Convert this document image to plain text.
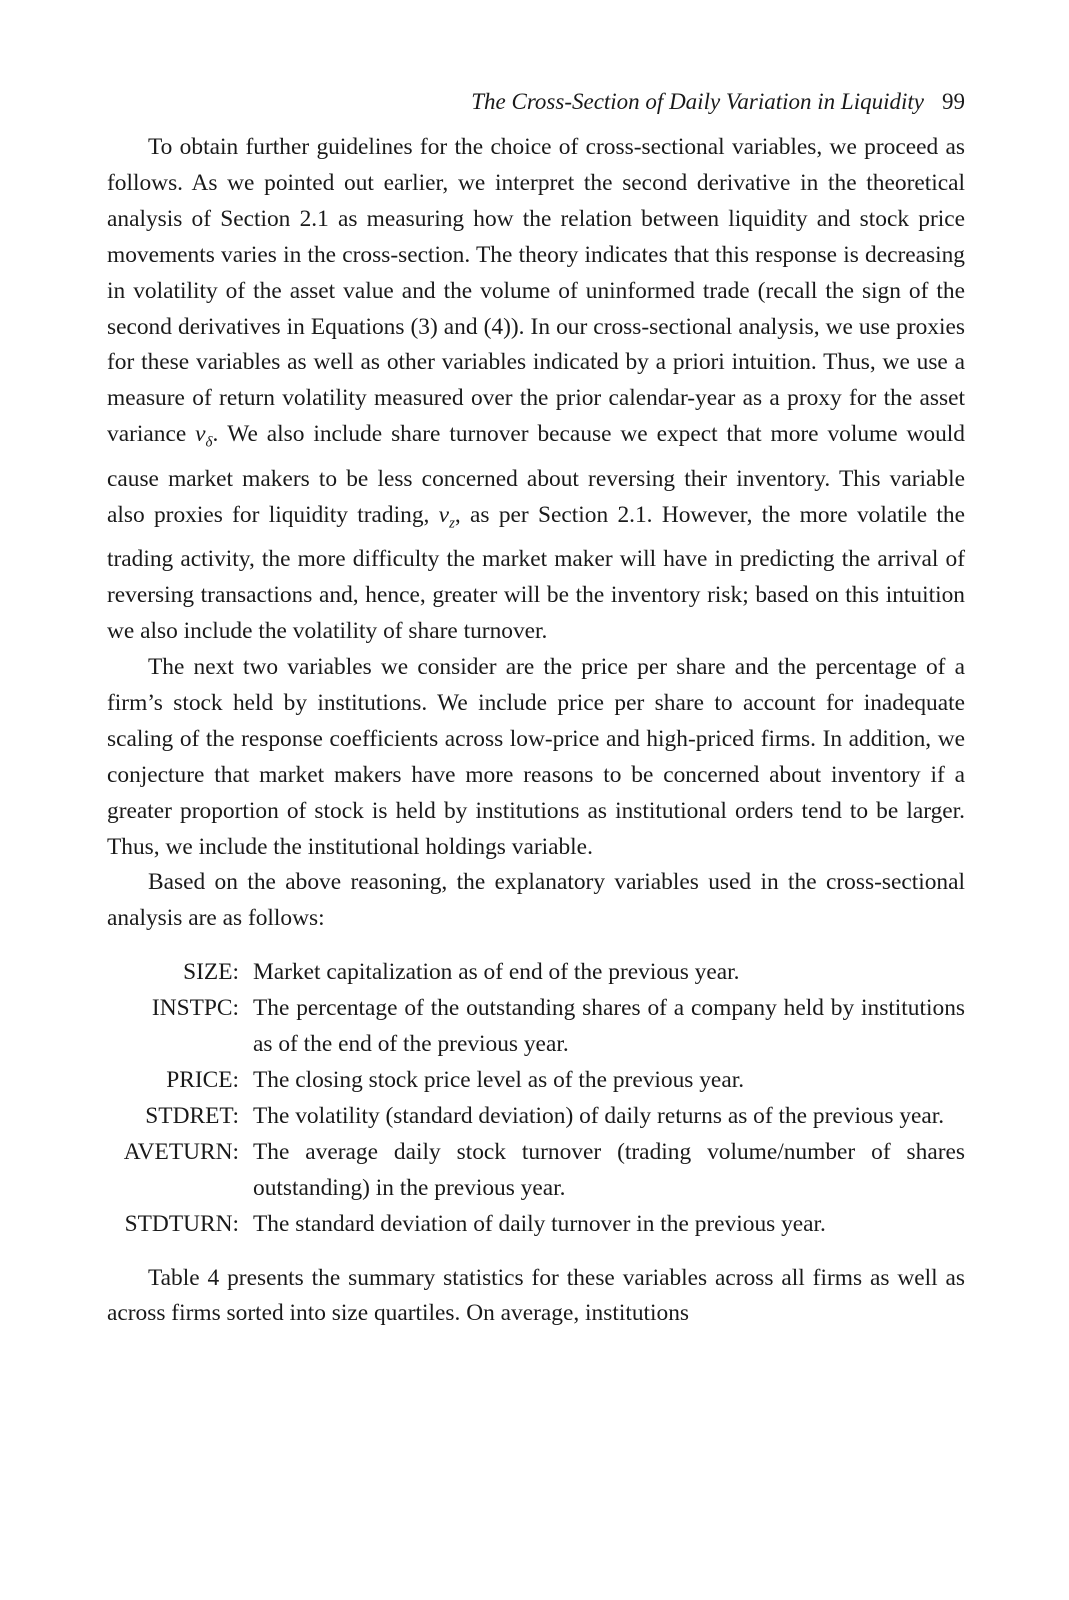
The Cross-Section of Daily Variation in Liquidity 99

To obtain further guidelines for the choice of cross-sectional variables, we proceed as follows. As we pointed out earlier, we interpret the second derivative in the theoretical analysis of Section 2.1 as measuring how the relation between liquidity and stock price movements varies in the cross-section. The theory indicates that this response is decreasing in volatility of the asset value and the volume of uninformed trade (recall the sign of the second derivatives in Equations (3) and (4)). In our cross-sectional analysis, we use proxies for these variables as well as other variables indicated by a priori intuition. Thus, we use a measure of return volatility measured over the prior calendar-year as a proxy for the asset variance $v_\delta$. We also include share turnover because we expect that more volume would cause market makers to be less concerned about reversing their inventory. This variable also proxies for liquidity trading, $v_z$, as per Section 2.1. However, the more volatile the trading activity, the more difficulty the market maker will have in predicting the arrival of reversing transactions and, hence, greater will be the inventory risk; based on this intuition we also include the volatility of share turnover.

The next two variables we consider are the price per share and the percentage of a firm’s stock held by institutions. We include price per share to account for inadequate scaling of the response coefficients across low-price and high-priced firms. In addition, we conjecture that market makers have more reasons to be concerned about inventory if a greater proportion of stock is held by institutions as institutional orders tend to be larger. Thus, we include the institutional holdings variable.

Based on the above reasoning, the explanatory variables used in the cross-sectional analysis are as follows:

SIZE: Market capitalization as of end of the previous year.
INSTPC: The percentage of the outstanding shares of a company held by institutions as of the end of the previous year.
PRICE: The closing stock price level as of the previous year.
STDRET: The volatility (standard deviation) of daily returns as of the previous year.
AVETURN: The average daily stock turnover (trading volume/number of shares outstanding) in the previous year.
STDTURN: The standard deviation of daily turnover in the previous year.

Table 4 presents the summary statistics for these variables across all firms as well as across firms sorted into size quartiles. On average, institutions
